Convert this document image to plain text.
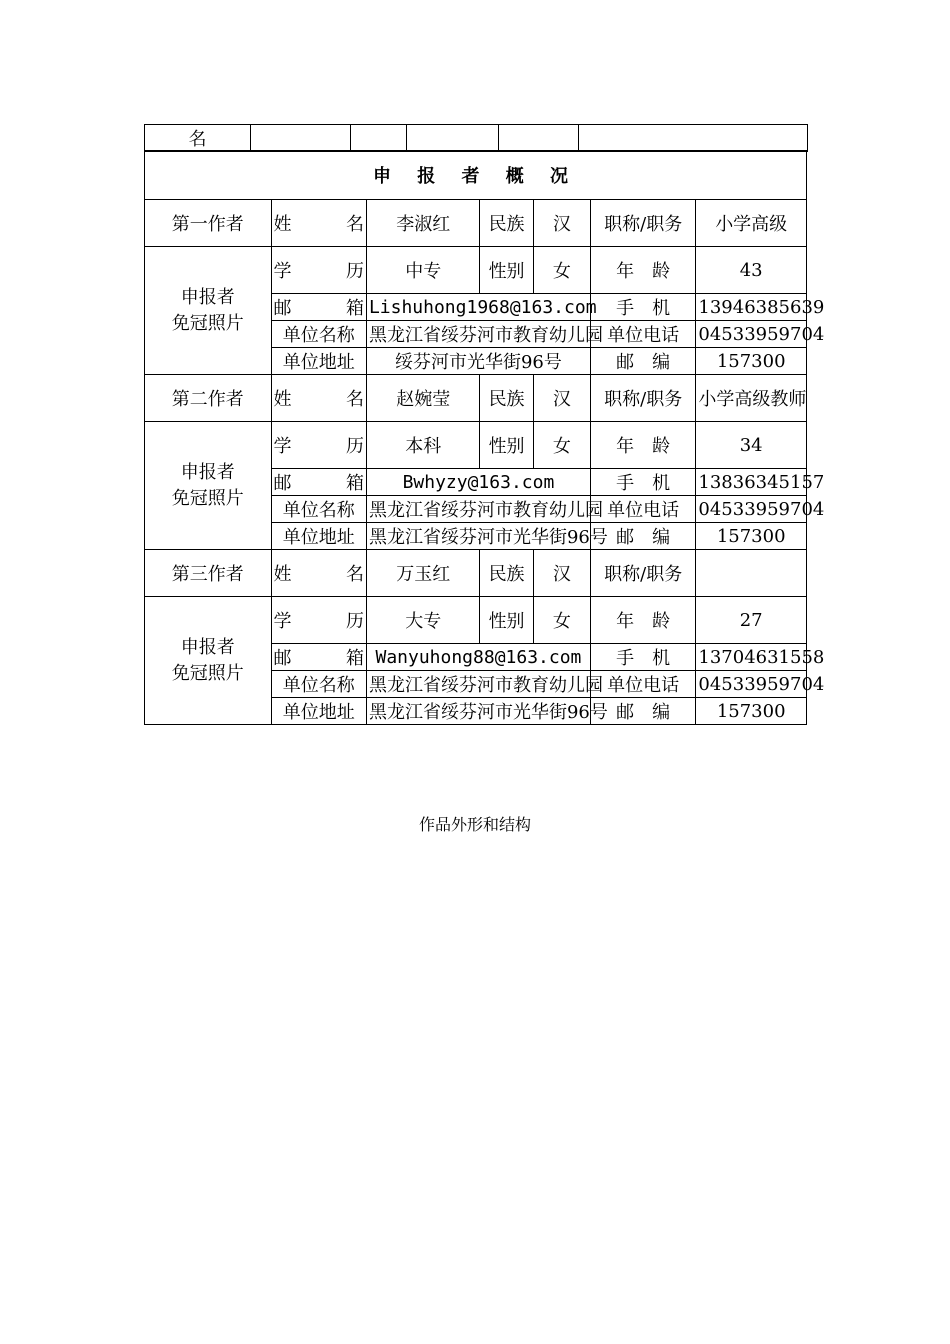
名					
申 报 者 概 况						
第一作者	姓　　名	李淑红	民族	汉	职称/职务	小学高级
申报者
免冠照片	学　　历	中专	性别	女	年　龄	43
	邮　　箱	Lishuhong1968@163.com			手　机	13946385639
	单位名称	黑龙江省绥芬河市教育幼儿园			单位电话	04533959704
	单位地址	绥芬河市光华街96号			邮　编	157300
第二作者	姓　　名	赵婉莹	民族	汉	职称/职务	小学高级教师
申报者
免冠照片	学　　历	本科	性别	女	年　龄	34
	邮　　箱	Bwhyzy@163.com			手　机	13836345157
	单位名称	黑龙江省绥芬河市教育幼儿园			单位电话	04533959704
	单位地址	黑龙江省绥芬河市光华街96号			邮　编	157300
第三作者	姓　　名	万玉红	民族	汉	职称/职务	
申报者
免冠照片	学　　历	大专	性别	女	年　龄	27
	邮　　箱	Wanyuhong88@163.com			手　机	13704631558
	单位名称	黑龙江省绥芬河市教育幼儿园			单位电话	04533959704
	单位地址	黑龙江省绥芬河市光华街96号			邮　编	157300
作品外形和结构
